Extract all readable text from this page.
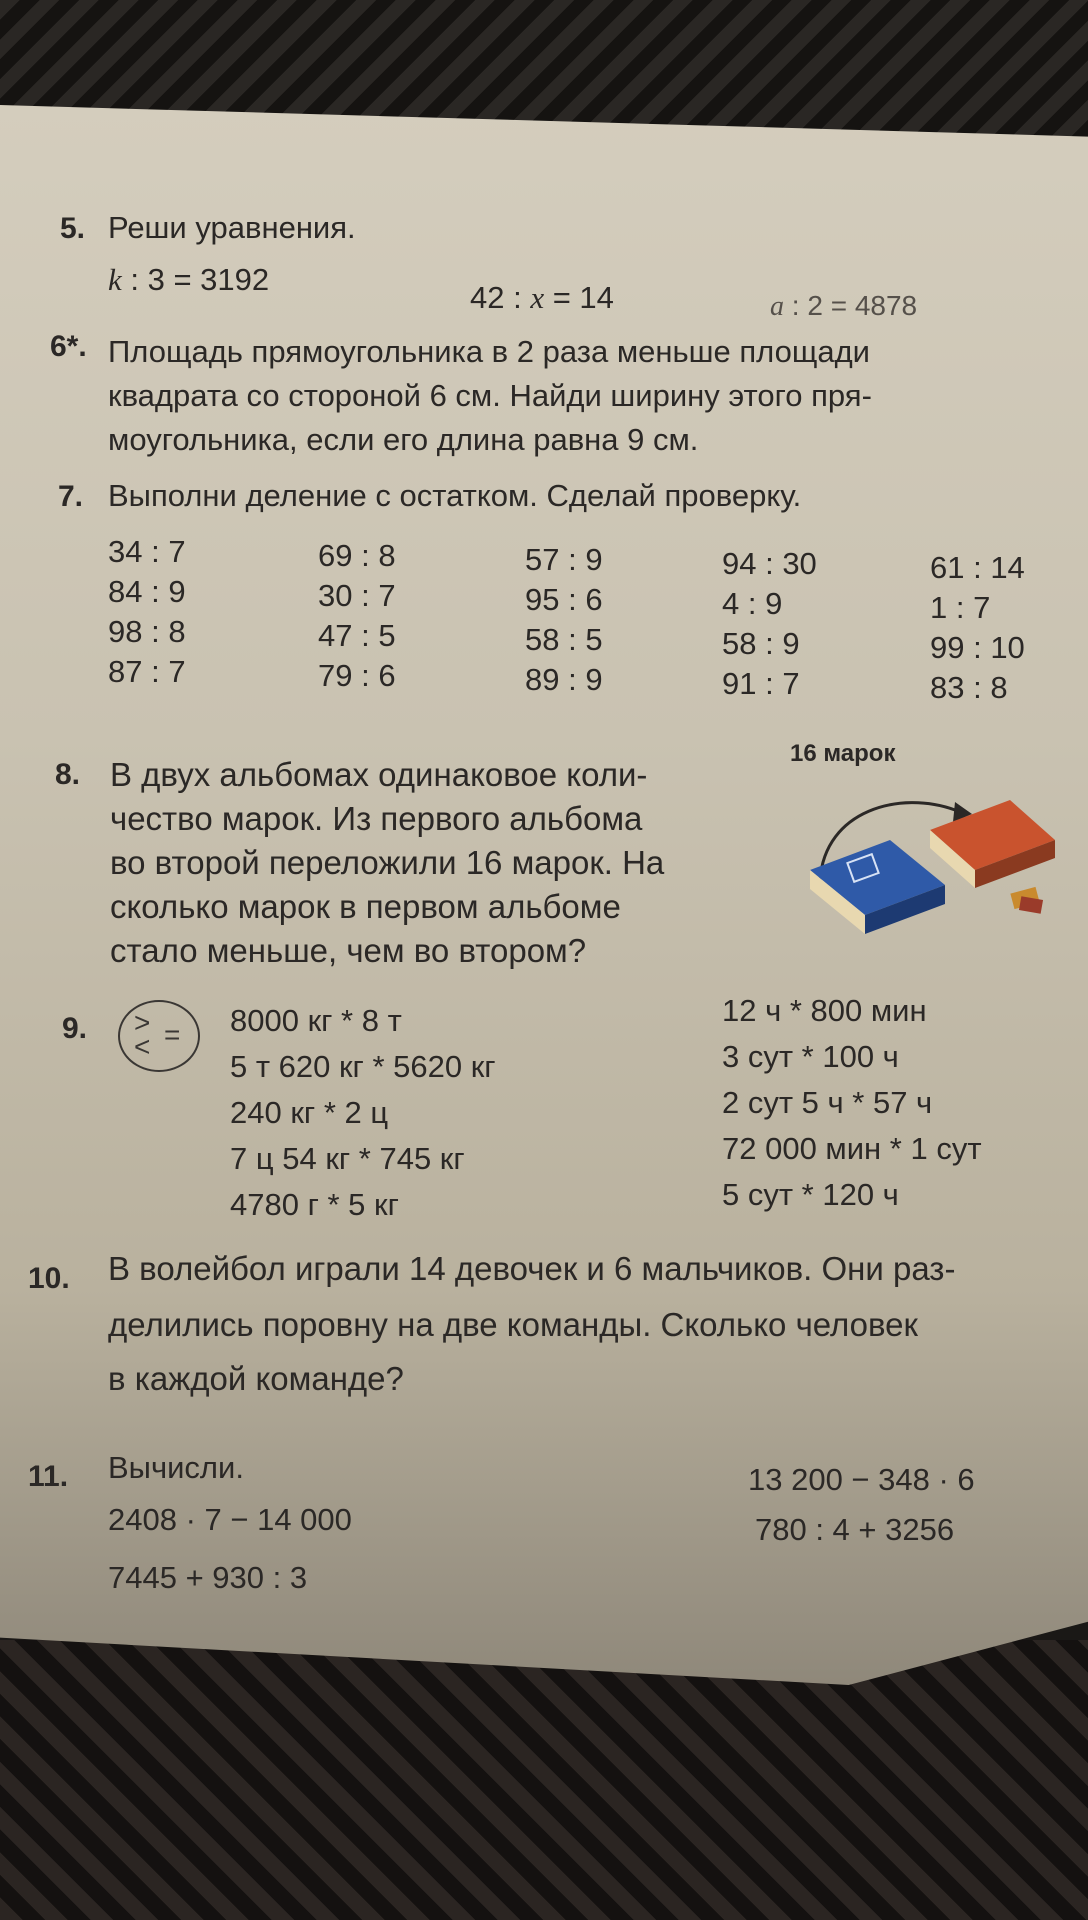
5. Реши уравнения.
k : 3 = 3192
42 : x = 14	a : 2 = 4878
6*. Площадь прямоугольника в 2 раза меньше площади
квадрата со стороной 6 см. Найди ширину этого пря-
моугольника, если его длина равна 9 см.
7. Выполни деление с остатком. Сделай проверку.
34 : 7
84 : 9
98 : 8
87 : 7
69 : 8
30 : 7
47 : 5
79 : 6
57 : 9
95 : 6
58 : 5
89 : 9
94 : 30
4 : 9
58 : 9
91 : 7
61 : 14
1 : 7
99 : 10
83 : 8
8. В двух альбомах одинаковое коли-
чество марок. Из первого альбома
во второй переложили 16 марок. На
сколько марок в первом альбоме
стало меньше, чем во втором?
16 марок
9. > =
<
8000 кг * 8 т
5 т 620 кг * 5620 кг
240 кг * 2 ц
7 ц 54 кг * 745 кг
4780 г * 5 кг
12 ч * 800 мин
3 сут * 100 ч
2 сут 5 ч * 57 ч
72 000 мин * 1 сут
5 сут * 120 ч
10. В волейбол играли 14 девочек и 6 мальчиков. Они раз-
делились поровну на две команды. Сколько человек
в каждой команде?
11. Вычисли.
2408 · 7 − 14 000
7445 + 930 : 3
13 200 − 348 · 6
780 : 4 + 3256
